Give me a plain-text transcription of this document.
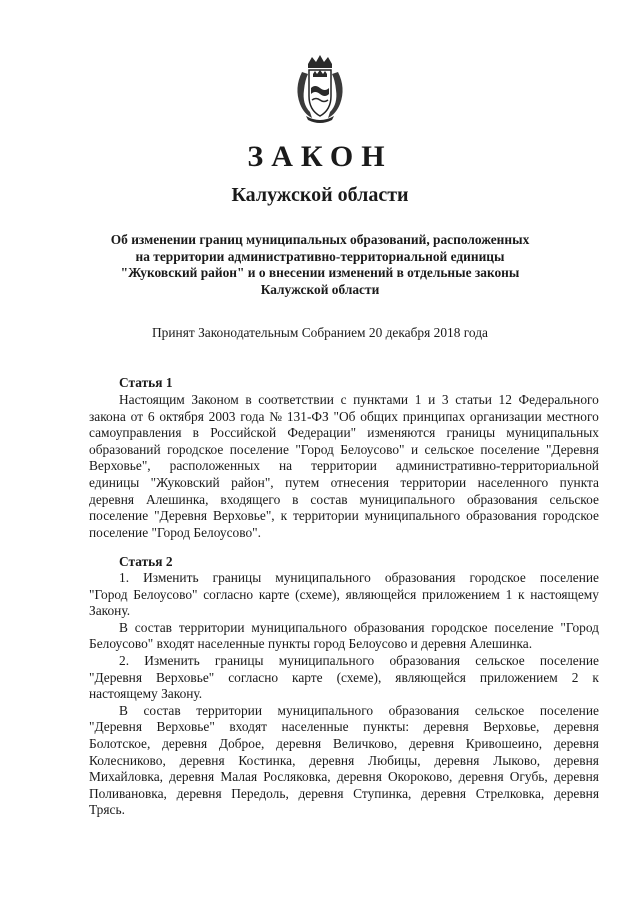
ЗАКОН
Калужской области
Об изменении границ муниципальных образований, расположенных
на территории административно-территориальной единицы
"Жуковский район" и о внесении изменений в отдельные законы
Калужской области
Принят Законодательным Собранием 20 декабря 2018 года
Статья 1
Настоящим Законом в соответствии с пунктами 1 и 3 статьи 12 Федерального
закона от 6 октября 2003 года № 131-ФЗ "Об общих принципах организации местного
самоуправления в Российской Федерации" изменяются границы муниципальных
образований городское поселение "Город Белоусово" и сельское поселение "Деревня
Верховье", расположенных на территории административно-территориальной
единицы "Жуковский район", путем отнесения территории населенного пункта
деревня Алешинка, входящего в состав муниципального образования сельское
поселение "Деревня Верховье", к территории муниципального образования городское
поселение "Город Белоусово".
Статья 2
1. Изменить границы муниципального образования городское поселение
"Город Белоусово" согласно карте (схеме), являющейся приложением 1 к настоящему
Закону.
В состав территории муниципального образования городское поселение "Город
Белоусово" входят населенные пункты город Белоусово и деревня Алешинка.
2. Изменить границы муниципального образования сельское поселение
"Деревня Верховье" согласно карте (схеме), являющейся приложением 2 к
настоящему Закону.
В состав территории муниципального образования сельское поселение
"Деревня Верховье" входят населенные пункты: деревня Верховье, деревня
Болотское, деревня Доброе, деревня Величково, деревня Кривошеино, деревня
Колесниково, деревня Костинка, деревня Любицы, деревня Лыково, деревня
Михайловка, деревня Малая Росляковка, деревня Окороково, деревня Огубь, деревня
Поливановка, деревня Передоль, деревня Ступинка, деревня Стрелковка, деревня
Трясь.
